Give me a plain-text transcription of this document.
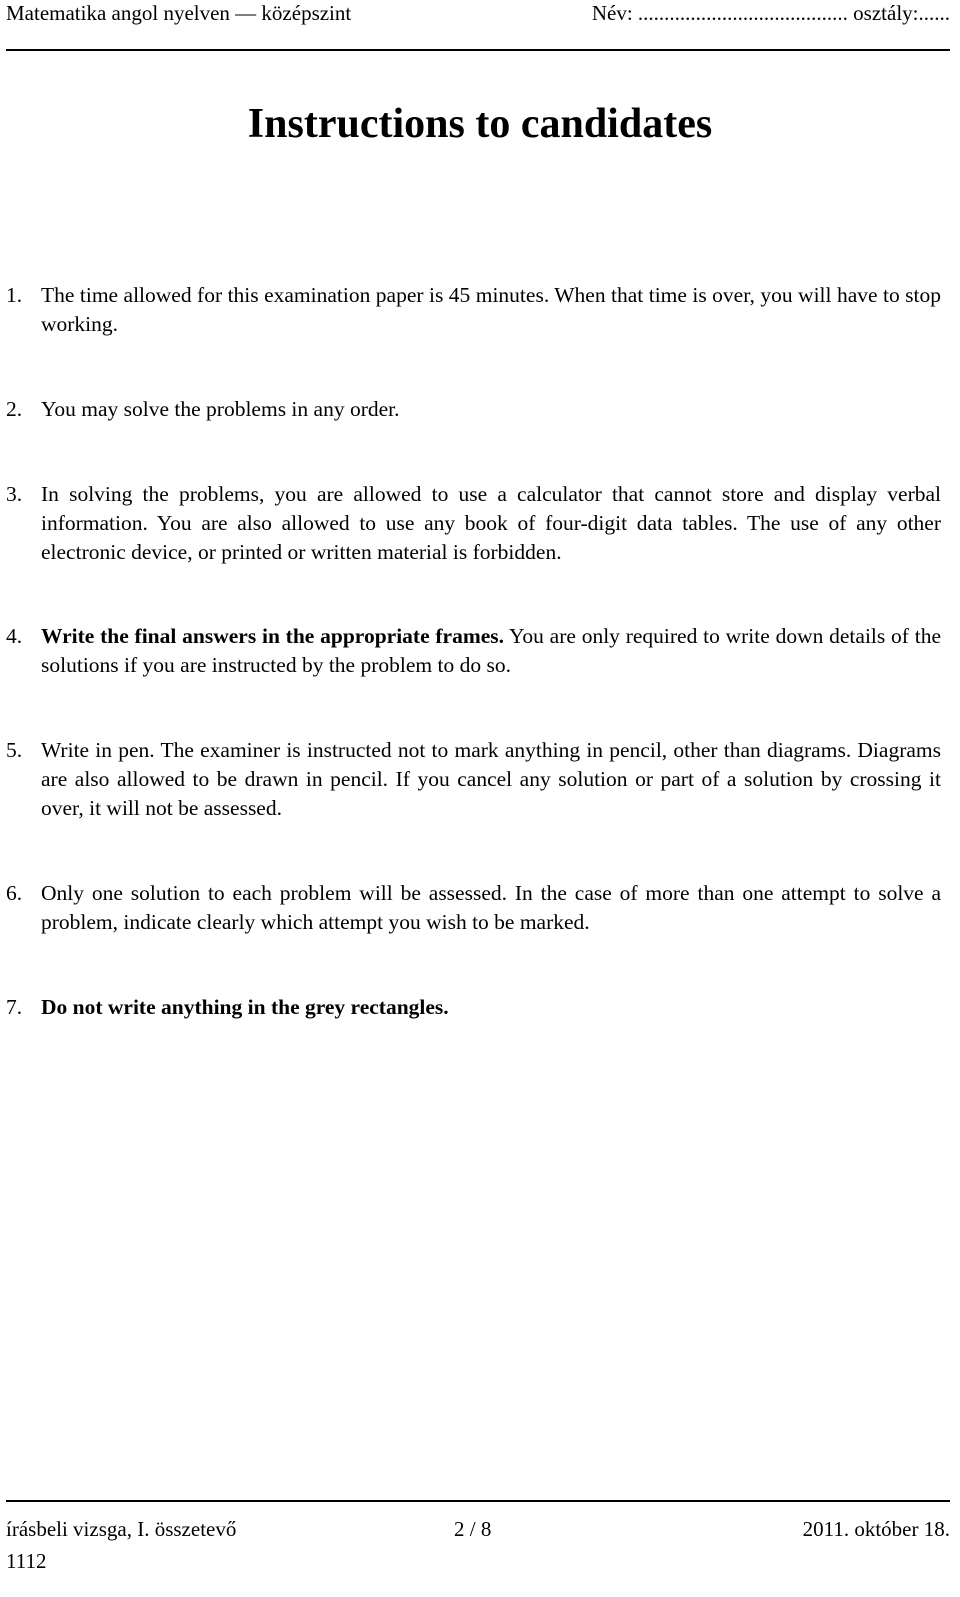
Matematika angol nyelven — középszint	Név: ........................................ osztály:......
Instructions to candidates
1. The time allowed for this examination paper is 45 minutes. When that time is over, you will have to stop working.
2. You may solve the problems in any order.
3. In solving the problems, you are allowed to use a calculator that cannot store and display verbal information. You are also allowed to use any book of four-digit data tables. The use of any other electronic device, or printed or written material is forbidden.
4. Write the final answers in the appropriate frames. You are only required to write down details of the solutions if you are instructed by the problem to do so.
5. Write in pen. The examiner is instructed not to mark anything in pencil, other than diagrams. Diagrams are also allowed to be drawn in pencil. If you cancel any solution or part of a solution by crossing it over, it will not be assessed.
6. Only one solution to each problem will be assessed. In the case of more than one attempt to solve a problem, indicate clearly which attempt you wish to be marked.
7. Do not write anything in the grey rectangles.
írásbeli vizsga, I. összetevő	2 / 8	2011. október 18.
1112
